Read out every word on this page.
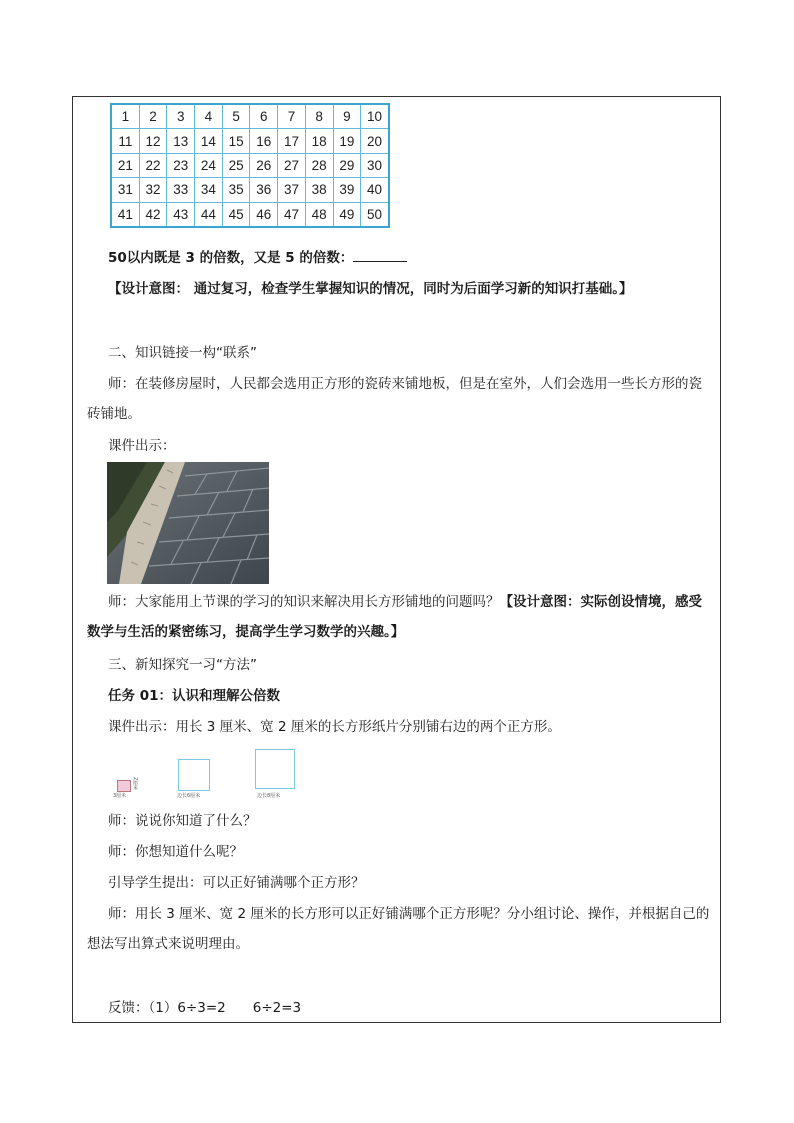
1	2	3	4	5	6	7	8	9	10
11	12	13	14	15	16	17	18	19	20
21	22	23	24	25	26	27	28	29	30
31	32	33	34	35	36	37	38	39	40
41	42	43	44	45	46	47	48	49	50
50以内既是 3 的倍数，又是 5 的倍数：
【设计意图： 通过复习，检查学生掌握知识的情况，同时为后面学习新的知识打基础。】
二、知识链接一构“联系”
师：在装修房屋时，人民都会选用正方形的瓷砖来铺地板，但是在室外，人们会选用一些长方形的瓷砖铺地。
课件出示：
师：大家能用上节课的学习的知识来解决用长方形铺地的问题吗？【设计意图：实际创设情境，感受数学与生活的紧密练习，提高学生学习数学的兴趣。】
三、新知探究一习“方法”
任务 01：认识和理解公倍数
课件出示：用长 3 厘米、宽 2 厘米的长方形纸片分别铺右边的两个正方形。
3厘米
2厘米
边长6厘米	边长8厘米
师：说说你知道了什么？
师：你想知道什么呢？
引导学生提出：可以正好铺满哪个正方形？
师：用长 3 厘米、宽 2 厘米的长方形可以正好铺满哪个正方形呢？分小组讨论、操作，并根据自己的想法写出算式来说明理由。
反馈：（1）6÷3=2　　6÷2=3
